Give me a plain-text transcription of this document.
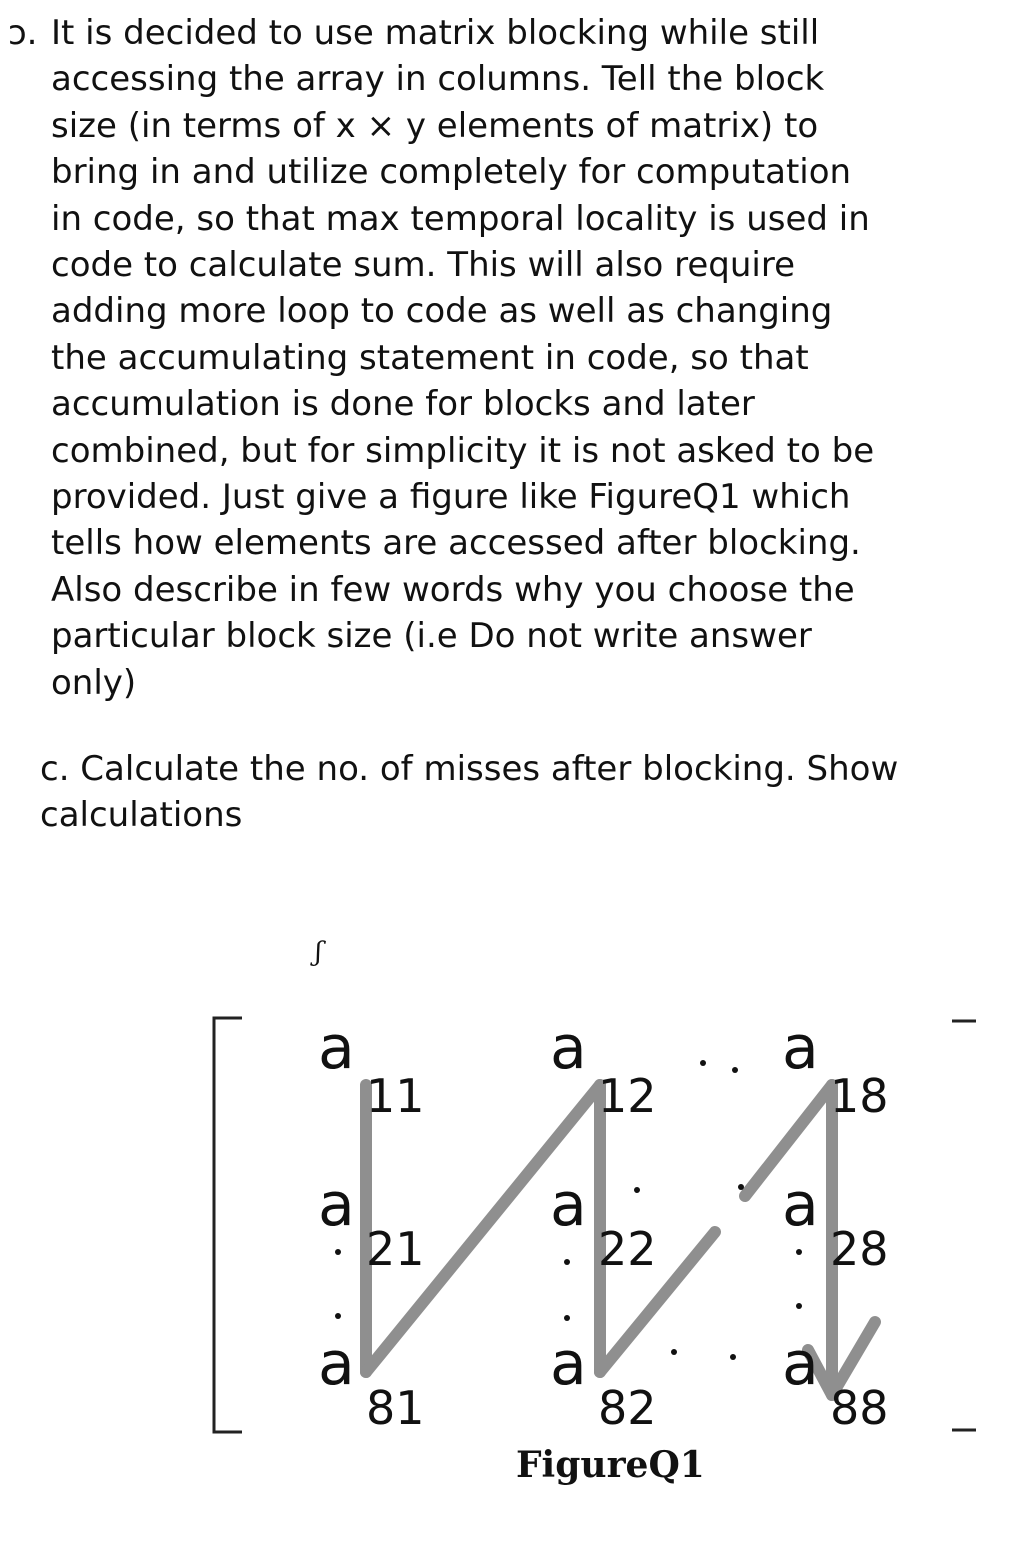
ɔ. It is decided to use matrix blocking while still
accessing the array in columns. Tell the block
size (in terms of x × y elements of matrix) to
bring in and utilize completely for computation
in code, so that max temporal locality is used in
code to calculate sum. This will also require
adding more loop to code as well as changing
the accumulating statement in code, so that
accumulation is done for blocks and later
combined, but for simplicity it is not asked to be
provided. Just give a figure like FigureQ1 which
tells how elements are accessed after blocking.
Also describe in few words why you choose the
particular block size (i.e Do not write answer
only)
c. Calculate the no. of misses after blocking. Show
calculations
a11
a12
a18
a21
a22
a28
a81
a82
a88
ʃ
FigureQ1
